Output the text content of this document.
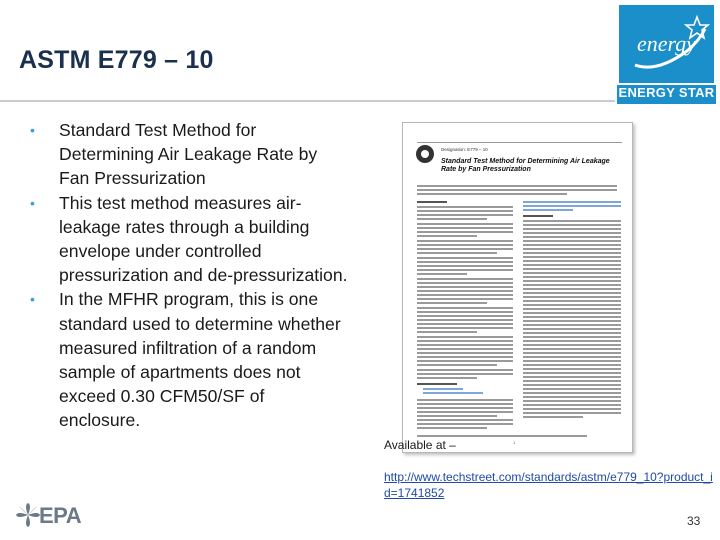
ASTM E779 – 10
energy
ENERGY STAR
• Standard Test Method for Determining Air Leakage Rate by Fan Pressurization
• This test method measures air-leakage rates through a building envelope under controlled pressurization and de-pressurization.
• In the MFHR program, this is one standard used to determine whether measured infiltration of a random sample of apartments does not exceed 0.30 CFM50/SF of enclosure.
Designation: E779 – 10
Standard Test Method for Determining Air Leakage Rate by Fan Pressurization
1
Available at –
http://www.techstreet.com/standards/astm/e779_10?product_id=1741852
EPA	33
